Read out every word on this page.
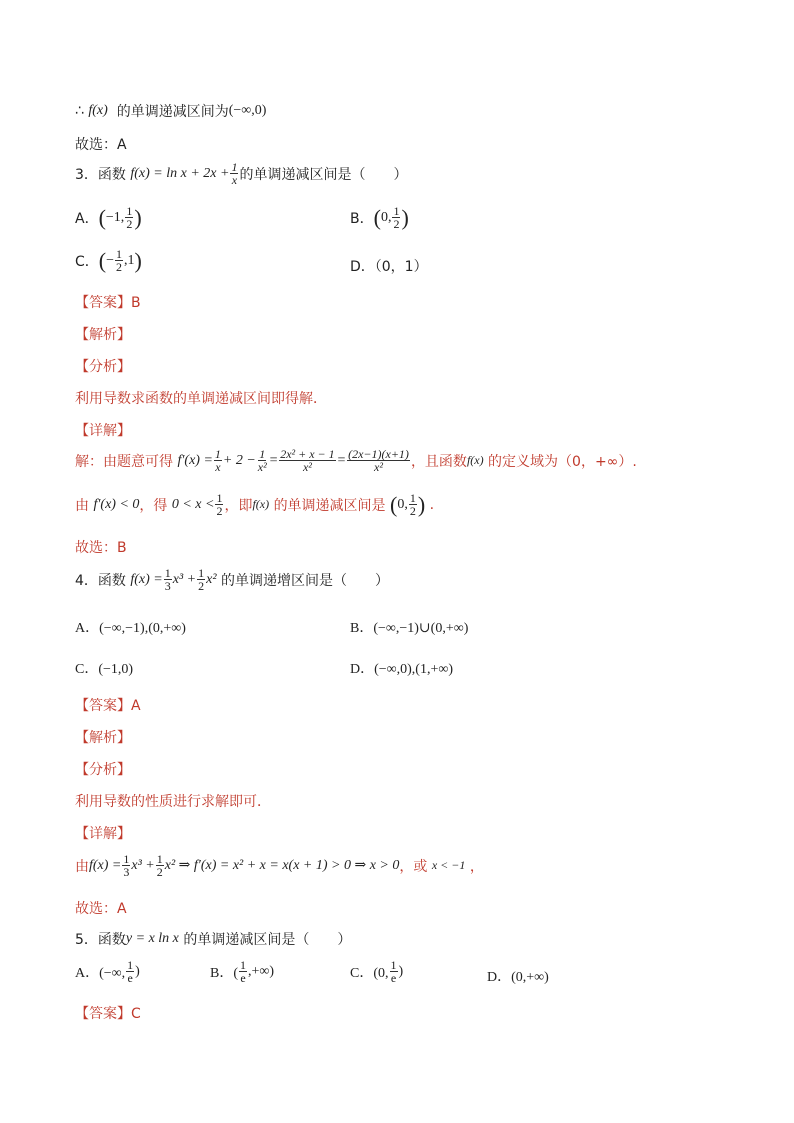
∴
f(x)
的单调递减区间为 (−∞,0)
故选：A
3．函数
$f(x) = \ln x + 2x + \frac{1}{x}$ 的单调递减区间是（　　）
A． ( −1, $\frac{1}{2}$ )	B． ( 0, $\frac{1}{2}$ )
C． ( − $\frac{1}{2} ,1$ )	D．（0，1）
【答案】B
【解析】
【分析】
利用导数求函数的单调递减区间即得解．
【详解】
解：由题意可得
$f'(x) = \frac{1}{x} + 2 - \frac{1}{\text{x²}} = \frac{\text{2x² + x − 1}}{\text{x²}} = \frac{(2x-1)(x+1)}{\text{x²}}$ ，且函数 f(x)
的定义域为（0，+∞）.
由
f′(x) < 0 ，得
$0 < x < \frac{1}{2}$ ，即 f(x)
的单调递减区间是
( 0, $\frac{1}{2}$ )
.
故选：B
4．函数
$f(x) = \frac{1}{3} x^3 + \frac{1}{2} x^2$
的单调递增区间是（　　）
A．(−∞,−1),(0,+∞)	B．(−∞,−1)∪(0,+∞)
C．(−1,0)	D．(−∞,0),(1,+∞)
【答案】A
【解析】
【分析】
利用导数的性质进行求解即可．
【详解】
由 $f(x) = \frac{1}{3} x^3 + \frac{1}{2} x^2$ ⇒ f′(x) = x² + x = x(x + 1) > 0 ⇒ x > 0 ，或
x < −1
，
故选：A
5．函数 y = x ln x
的单调递减区间是（　　）
A．(−∞, $\frac{1}{e}$ )	B．( $\frac{1}{e}$ ,+∞)	C．(0, $\frac{1}{e}$ )	D．(0,+∞)
【答案】C
